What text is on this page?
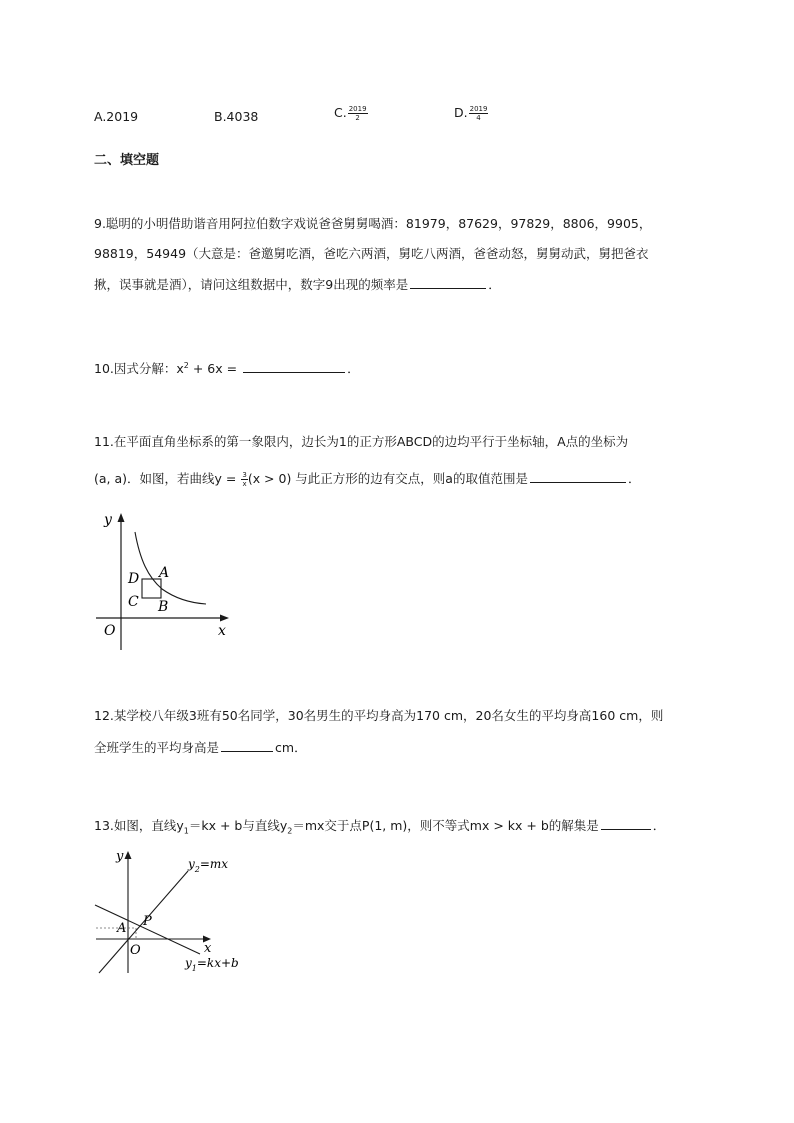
A.2019	B.4038	C. $\frac{2019}{2}$	D. $\frac{2019}{4}$
二、填空题
9.聪明的小明借助谐音用阿拉伯数字戏说爸爸舅舅喝酒：81979，87629，97829，8806，9905，
98819，54949（大意是：爸邀舅吃酒，爸吃六两酒，舅吃八两酒，爸爸动怒，舅舅动武，舅把爸衣
揪，误事就是酒），请问这组数据中，数字9出现的频率是	．
10.因式分解：$x^2 + 6x$ =	．
11.在平面直角坐标系的第一象限内，边长为1的正方形ABCD的边均平行于坐标轴，A点的坐标为
(a, a)．如图，若曲线$y = \frac{3}{x} (x > 0)$ 与此正方形的边有交点，则a的取值范围是	．
y
x
O
A
B
C
D
12.某学校八年级3班有50名同学，30名男生的平均身高为170 cm，20名女生的平均身高160 cm，则
全班学生的平均身高是	cm．
13.如图，直线$y_1=kx + b$与直线$y_2=mx$交于点P(1, m)，则不等式mx > kx + b的解集是	．
y
x
O
A P
$y_2=mx$
$y_1=kx+b$
